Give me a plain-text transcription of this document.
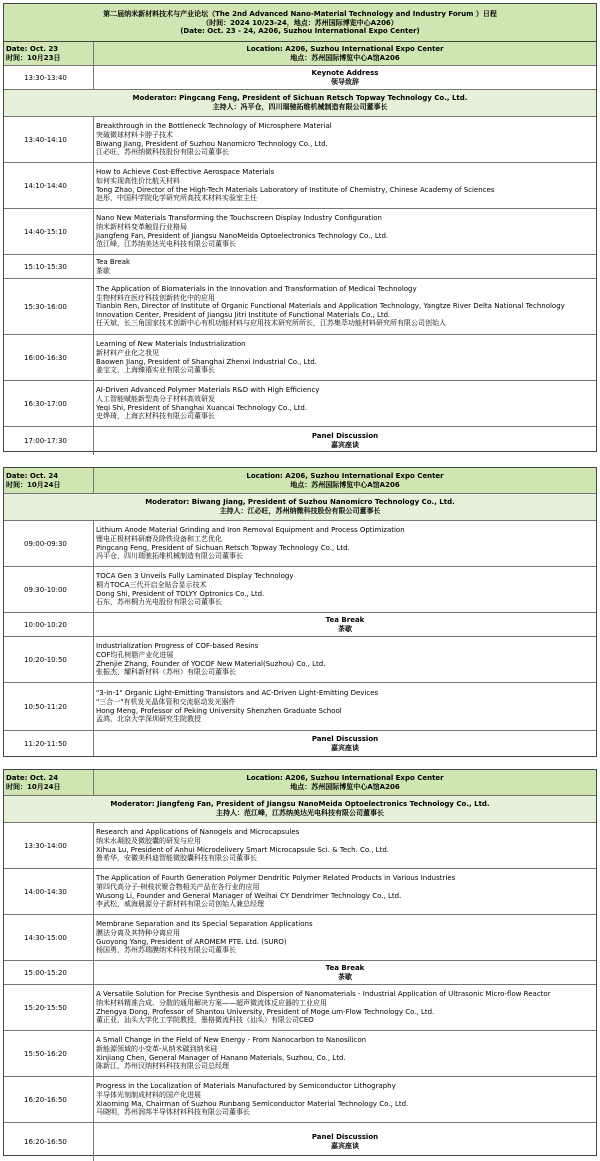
第二届纳米新材料技术与产业论坛（The 2nd Advanced Nano-Material Technology and Industry Forum ）日程
（时间：2024 10/23-24，地点：苏州国际博览中心A206）
(Date: Oct. 23 - 24, A206, Suzhou International Expo Center)
Date: Oct. 23
时间：10月23日
Location: A206, Suzhou International Expo Center
地点：苏州国际博览中心A馆A206
13:30-13:40
Keynote Address
领导致辞
Moderator: Pingcang Feng, President of Sichuan Retsch Topway Technology Co., Ltd.
主持人：冯平仓，四川瑞驰拓维机械制造有限公司董事长
13:40-14:10
Breakthrough in the Bottleneck Technology of Microsphere Material
突破微球材料卡脖子技术
Biwang Jiang, President of Suzhou Nanomicro Technology Co., Ltd.
江必旺，苏州纳微科技股份有限公司董事长
14:10-14:40
How to Achieve Cost-Effective Aerospace Materials
如何实现高性价比航天材料
Tong Zhao, Director of the High-Tech Materials Laboratory of Institute of Chemistry, Chinese Academy of Sciences
赵彤，中国科学院化学研究所高技术材料实验室主任
14:40-15:10
Nano New Materials Transforming the Touchscreen Display Industry Configuration
纳米新材料变革触显行业格局
Jiangfeng Fan, President of Jiangsu NanoMeida Optoelectronics Technology Co., Ltd.
范江峰，江苏纳美达光电科技有限公司董事长
15:10-15:30
Tea Break
茶歇
15:30-16:00
The Application of Biomaterials in the Innovation and Transformation of Medical Technology
生物材料在医疗科技创新转化中的应用
Tianbin Ren, Director of Institute of Organic Functional Materials and Application Technology, Yangtze River Delta National Technology
Innovation Center, President of Jiangsu Jitri Institute of Functional Materials Co., Ltd.
任天斌，长三角国家技术创新中心有机功能材料与应用技术研究所所长，江苏集萃功能材料研究所有限公司创始人
16:00-16:30
Learning of New Materials Industrialization
新材料产业化之我见
Baowen Jiang, President of Shanghai Zhenxi Industrial Co., Ltd.
姜宝文，上海臻禧实业有限公司董事长
16:30-17:00
AI-Driven Advanced Polymer Materials R&D with High Efficiency
人工智能赋能新型高分子材料高效研发
Yeqi Shi, President of Shanghai Xuancai Technology Co., Ltd.
史烨琦，上海玄材科技有限公司董事长
17:00-17:30
Panel Discussion
嘉宾座谈
Date: Oct. 24
时间：10月24日
Location: A206, Suzhou International Expo Center
地点：苏州国际博览中心A馆A206
Moderator: Biwang Jiang, President of Suzhou Nanomicro Technology Co., Ltd.
主持人：江必旺，苏州纳微科技股份有限公司董事长
09:00-09:30
Lithium Anode Material Grinding and Iron Removal Equipment and Process Optimization
锂电正极材料研磨及除铁设备和工艺优化
Pingcang Feng, President of Sichuan Retsch Topway Technology Co., Ltd.
冯平仓，四川瑞驰拓维机械制造有限公司董事长
09:30-10:00
TOCA Gen 3 Unveils Fully Laminated Display Technology
桐力TOCA三代开启全贴合显示技术
Dong Shi, President of TOLYY Optronics Co., Ltd.
石东，苏州桐力光电股份有限公司董事长
10:00-10:20
Tea Break
茶歇
10:20-10:50
Industrialization Progress of COF-based Resins
COF均孔树脂产业化进展
Zhenjie Zhang, Founder of YOCOF New Material(Suzhou) Co., Ltd.
张振杰，耀科新材料（苏州）有限公司董事长
10:50-11:20
"3-in-1" Organic Light-Emitting Transistors and AC-Driven Light-Emitting Devices
"三合一"有机发光晶体管和交流驱动发光器件
Hong Meng, Professor of Peking University Shenzhen Graduate School
孟鸿，北京大学深圳研究生院教授
11:20-11:50
Panel Discussion
嘉宾座谈
Date: Oct. 24
时间：10月24日
Location: A206, Suzhou International Expo Center
地点：苏州国际博览中心A馆A206
Moderator: Jiangfeng Fan, President of Jiangsu NanoMeida Optoelectronics Technology Co., Ltd.
主持人：范江峰，江苏纳美达光电科技有限公司董事长
13:30-14:00
Research and Applications of Nanogels and Microcapsules
纳米水凝胶及微胶囊的研发与应用
Xihua Lu, President of Anhui Microdelivery Smart Microcapsule Sci. & Tech. Co., Ltd.
鲁希华，安徽美科迪智能微胶囊科技有限公司董事长
14:00-14:30
The Application of Fourth Generation Polymer Dendritic Polymer Related Products in Various Industries
第四代高分子-树枝状聚合物相关产品在各行业的应用
Wusong Li, Founder and General Manager of Weihai CY Dendrimer Technology Co., Ltd.
李武松，威海晨源分子新材料有限公司创始人兼总经理
14:30-15:00
Membrane Separation and Its Special Separation Applications
膜法分离及其特种分离应用
Guoyong Yang, President of AROMEM PTE. Ltd. (SURO)
杨国勇，苏州苏瑞膜纳米科技有限公司董事长
15:00-15:20
Tea Break
茶歇
15:20-15:50
A Versatile Solution for Precise Synthesis and Dispersion of Nanomaterials - Industrial Application of Ultrasonic Micro-flow Reactor
纳米材料精准合成、分散的通用解决方案——超声微流体反应器的工业应用
Zhengya Dong, Professor of Shantou University, President of Moge um-Flow Technology Co., Ltd.
董正亚，汕头大学化工学院教授，墨格微流科技（汕头）有限公司CEO
15:50-16:20
A Small Change in the Field of New Energy - From Nanocarbon to Nanosilicon
新能源领域的小变革-从纳米碳到纳米硅
Xinjiang Chen, General Manager of Hanano Materials, Suzhou, Co., Ltd.
陈新江，苏州汉纳材料科技有限公司总经理
16:20-16:50
Progress in the Localization of Materials Manufactured by Semiconductor Lithography
半导体光刻制成材料的国产化进展
Xiaoming Ma, Chairman of Suzhou Runbang Semiconductor Material Technology Co., Ltd.
马晓明，苏州润邦半导体材料科技有限公司董事长
16:20-16:50
Panel Discussion
嘉宾座谈
